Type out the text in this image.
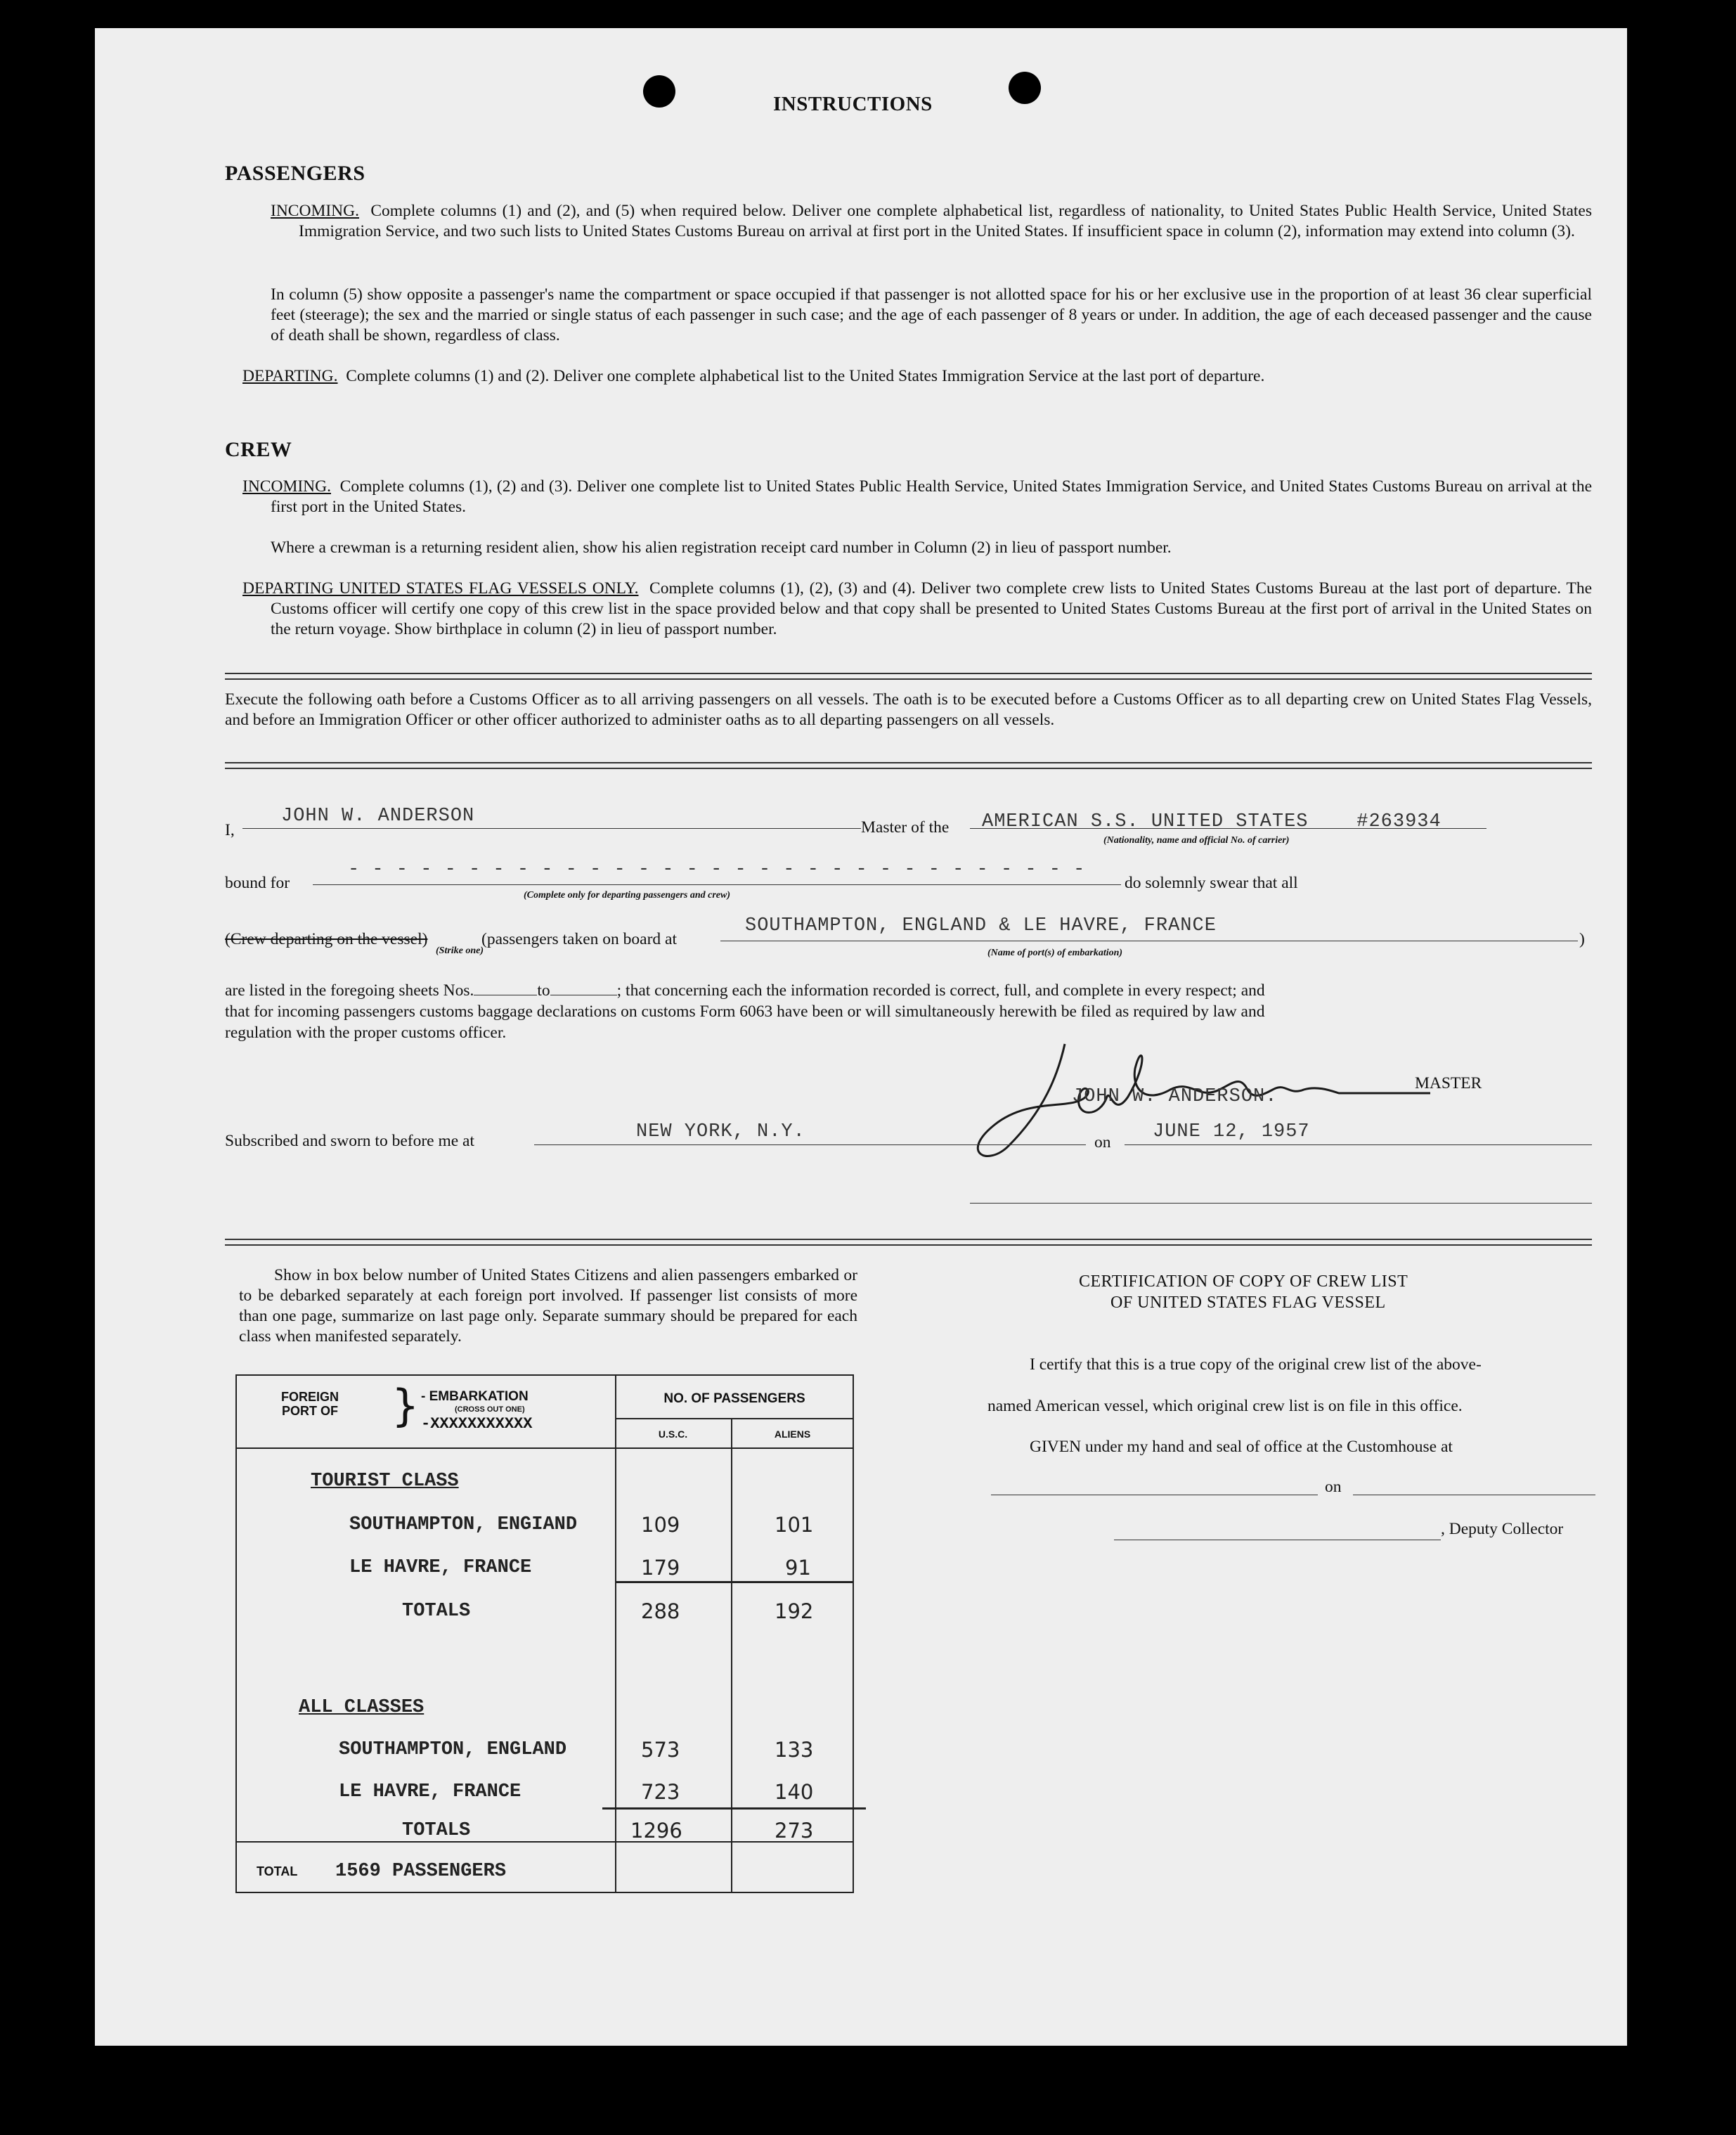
INSTRUCTIONS
PASSENGERS
INCOMING. Complete columns (1) and (2), and (5) when required below. Deliver one complete alphabetical list, regardless of nationality, to United States Public Health Service, United States Immigration Service, and two such lists to United States Customs Bureau on arrival at first port in the United States. If insufficient space in column (2), information may extend into column (3).
In column (5) show opposite a passenger's name the compartment or space occupied if that passenger is not allotted space for his or her exclusive use in the proportion of at least 36 clear superficial feet (steerage); the sex and the married or single status of each passenger in such case; and the age of each passenger of 8 years or under. In addition, the age of each deceased passenger and the cause of death shall be shown, regardless of class.
DEPARTING. Complete columns (1) and (2). Deliver one complete alphabetical list to the United States Immigration Service at the last port of departure.
CREW
INCOMING. Complete columns (1), (2) and (3). Deliver one complete list to United States Public Health Service, United States Immigration Service, and United States Customs Bureau on arrival at the first port in the United States.
Where a crewman is a returning resident alien, show his alien registration receipt card number in Column (2) in lieu of passport number.
DEPARTING UNITED STATES FLAG VESSELS ONLY. Complete columns (1), (2), (3) and (4). Deliver two complete crew lists to United States Customs Bureau at the last port of departure. The Customs officer will certify one copy of this crew list in the space provided below and that copy shall be presented to United States Customs Bureau at the first port of arrival in the United States on the return voyage. Show birthplace in column (2) in lieu of passport number.
Execute the following oath before a Customs Officer as to all arriving passengers on all vessels. The oath is to be executed before a Customs Officer as to all departing crew on United States Flag Vessels, and before an Immigration Officer or other officer authorized to administer oaths as to all departing passengers on all vessels.
I,
JOHN W. ANDERSON
Master of the AMERICAN S.S. UNITED STATES    #263934
(Nationality, name and official No. of carrier)
bound for
- - - - - - - - - - - - - - - - - - - - - - - - - - - - - - -
(Complete only for departing passengers and crew)
do solemnly swear that all
(Crew departing on the vessel)
(Strike one)
(passengers taken on board at
SOUTHAMPTON, ENGLAND & LE HAVRE, FRANCE
(Name of port(s) of embarkation)
)
are listed in the foregoing sheets Nos.	to	; that concerning each the information recorded is correct, full, and complete in every respect; and
that for incoming passengers customs baggage declarations on customs Form 6063 have been or will simultaneously herewith be filed as required by law and
regulation with the proper customs officer.
JOHN W. ANDERSON.
MASTER
Subscribed and sworn to before me at	NEW YORK, N.Y.	on JUNE 12, 1957
Show in box below number of United States Citizens and alien passengers embarked or to be debarked separately at each foreign port involved. If passenger list consists of more than one page, summarize on last page only. Separate summary should be prepared for each class when manifested separately.
FOREIGN PORT OF } - EMBARKATION
(CROSS OUT ONE)
-XXXXXXXXXXX
NO. OF PASSENGERS
U.S.C.	ALIENS
TOURIST CLASS
SOUTHAMPTON, ENGIAND	109	101
LE HAVRE, FRANCE	179	91
TOTALS	288	192
ALL CLASSES
SOUTHAMPTON, ENGLAND	573	133
LE HAVRE, FRANCE	723	140
TOTALS	1296	273
TOTAL 1569 PASSENGERS
CERTIFICATION OF COPY OF CREW LIST
OF UNITED STATES FLAG VESSEL
I certify that this is a true copy of the original crew list of the above-
named American vessel, which original crew list is on file in this office.
GIVEN under my hand and seal of office at the Customhouse at
on
, Deputy Collector
